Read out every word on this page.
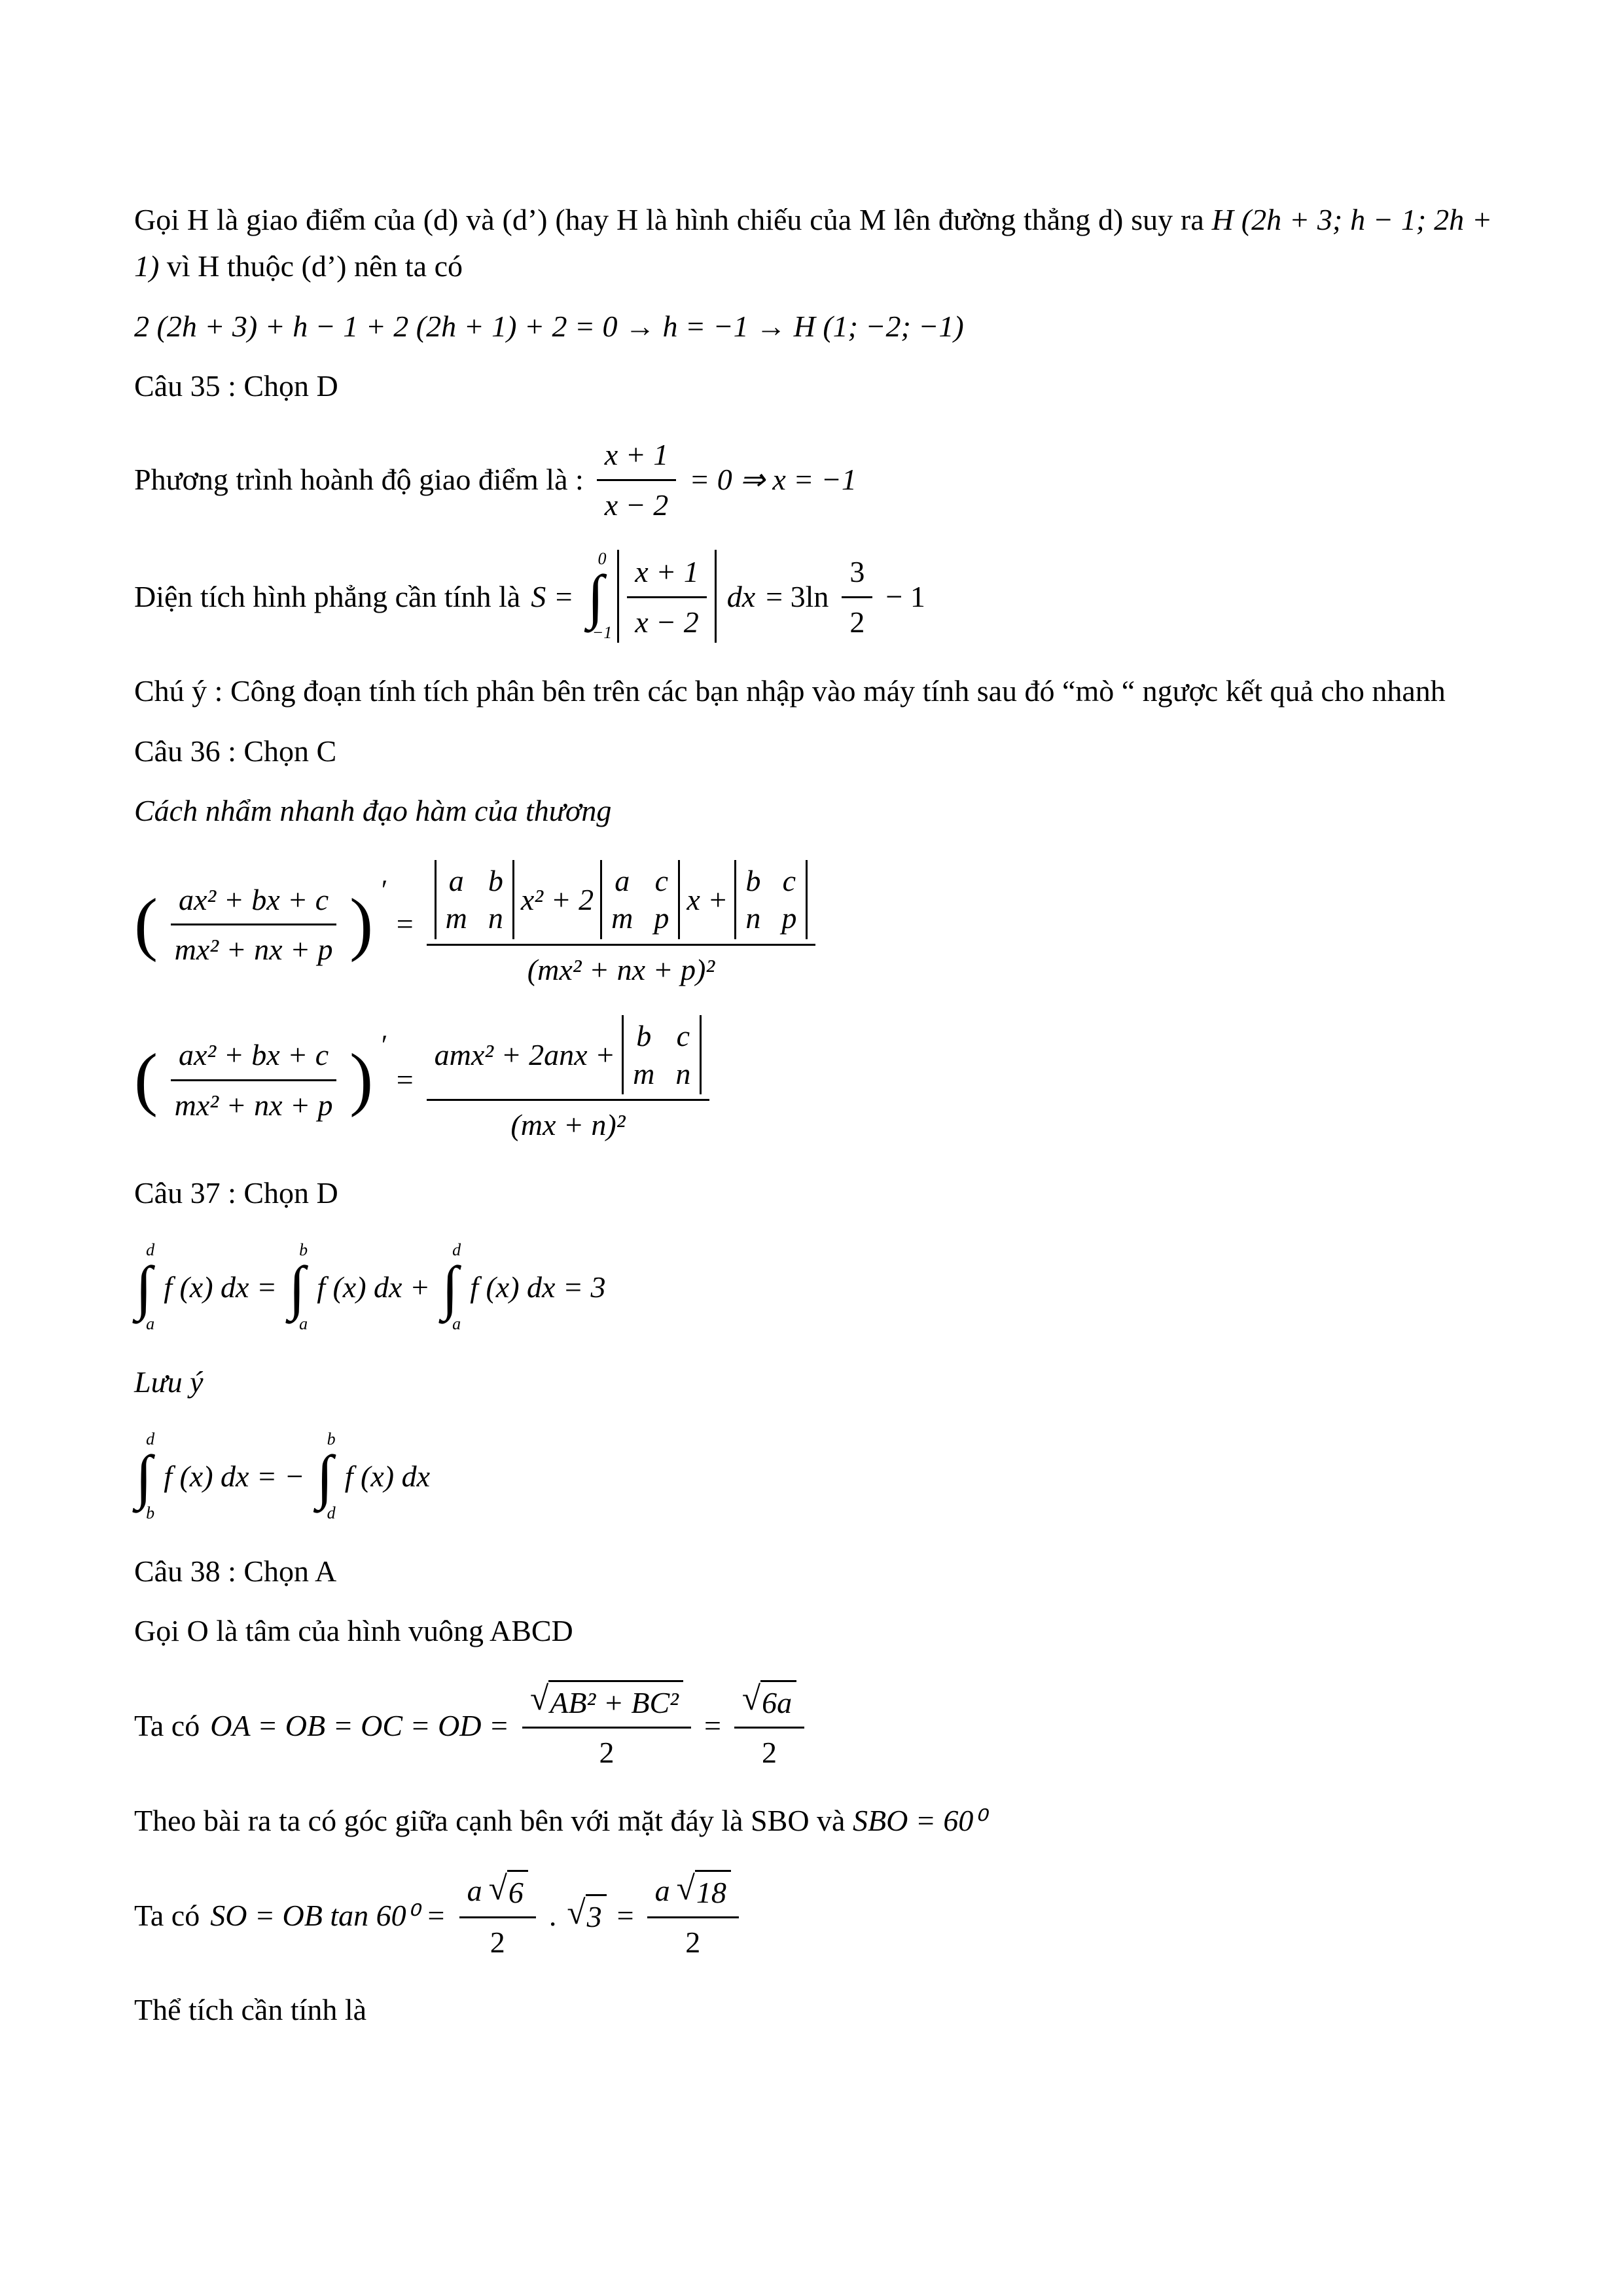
Gọi H là giao điểm của (d) và (d’) (hay H là hình chiếu của M lên đường thẳng d) suy ra H (2h + 3; h − 1; 2h + 1) vì H thuộc (d’) nên ta có

2 (2h + 3) + h − 1 + 2 (2h + 1) + 2 = 0 → h = −1 → H (1; −2; −1)

Câu 35 : Chọn D

Phương trình hoành độ giao điểm là : $\frac{x + 1}{x - 2} = 0$ ⇒ x = −1
Diện tích hình phẳng cần tính là S =
0
∫
$-1 \frac{x + 1}{x - 2}$ dx = $3\ln \frac{3}{2} - 1$

Chú ý : Công đoạn tính tích phân bên trên các bạn nhập vào máy tính sau đó “mò “ ngược kết quả cho nhanh

Câu 36 : Chọn C

Cách nhẩm nhanh đạo hàm của thương

( $\frac{\text{ax² + bx + c}}{\text{mx² + nx + p}}$ ) ′
=
a b
m n
x² + 2
a c
m p
x +
b c
n p
(mx² + nx + p)²
( $\frac{\text{ax² + bx + c}}{\text{mx² + nx + p}}$ ) ′
=
amx² + 2anx +
b c
m n
(mx + n)²

Câu 37 : Chọn D

d
∫
a
f (x) dx =
b
∫
a
f (x) dx +
d
∫
a
f (x) dx = 3

Lưu ý

d
∫
b
f (x) dx = −
b
∫
d
f (x) dx

Câu 38 : Chọn A

Gọi O là tâm của hình vuông ABCD

Ta có OA = OB = OC = OD = $\frac{\text{√ AB² + BC²}}{2} = \frac{√ 6a}{2}$

Theo bài ra ta có góc giữa cạnh bên với mặt đáy là SBO và SBO = 60⁰

Ta có SO = OB $\tan 60^0 = \frac{a √ 6}{2}$ . √ $3 = \frac{a √ 18}{2}$

Thể tích cần tính là
